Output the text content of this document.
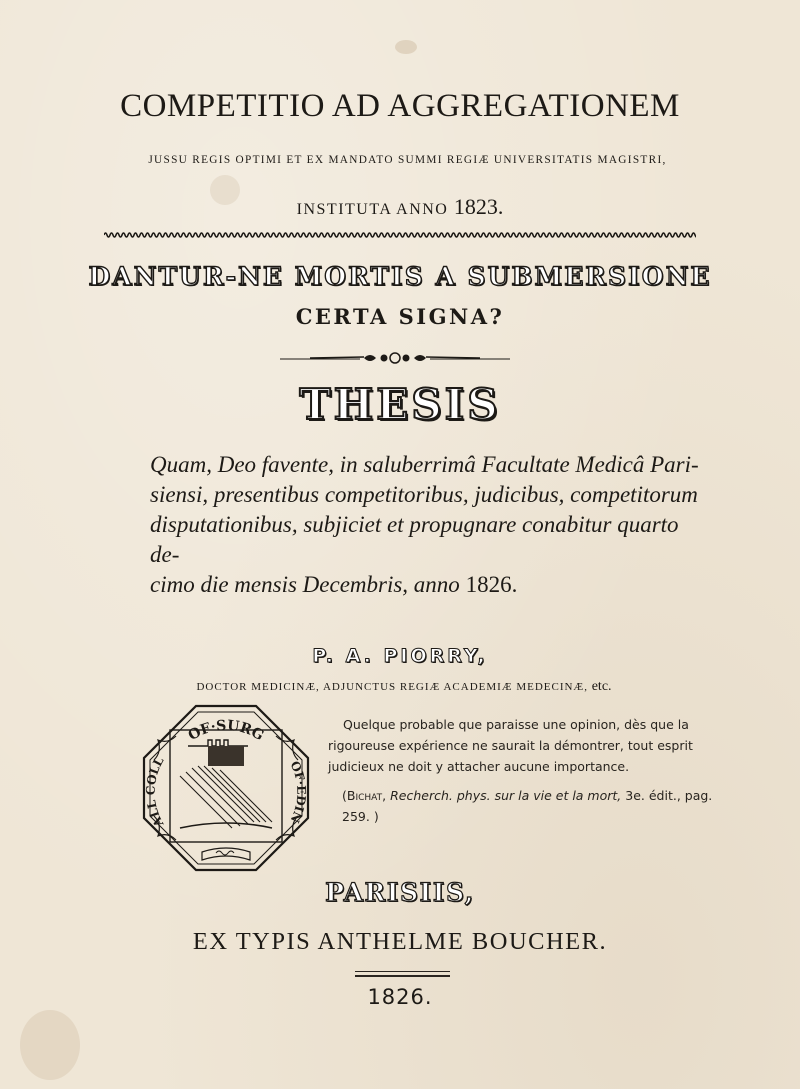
COMPETITIO AD AGGREGATIONEM
JUSSU REGIS OPTIMI ET EX MANDATO SUMMI REGIÆ UNIVERSITATIS MAGISTRI,
INSTITUTA ANNO 1823.
DANTUR-NE MORTIS A SUBMERSIONE
CERTA SIGNA?
THESIS
Quam, Deo favente, in saluberrimâ Facultate Medicâ Pari-
siensi, presentibus competitoribus, judicibus, competitorum
disputationibus, subjiciet et propugnare conabitur quarto de-
cimo die mensis Decembris, anno 1826.
P. A. PIORRY,
DOCTOR MEDICINÆ, ADJUNCTUS REGIÆ ACADEMIÆ MEDECINÆ, etc.
OF·SURG
ALL COLL	OF·EDIN

Quelque probable que paraisse une opinion, dès que la rigoureuse expérience ne saurait la démontrer, tout esprit judicieux ne doit y attacher aucune importance.

(Bichat, Recherch. phys. sur la vie et la mort, 3e. édit., pag. 259. )

PARISIIS,
EX TYPIS ANTHELME BOUCHER.
1826.
